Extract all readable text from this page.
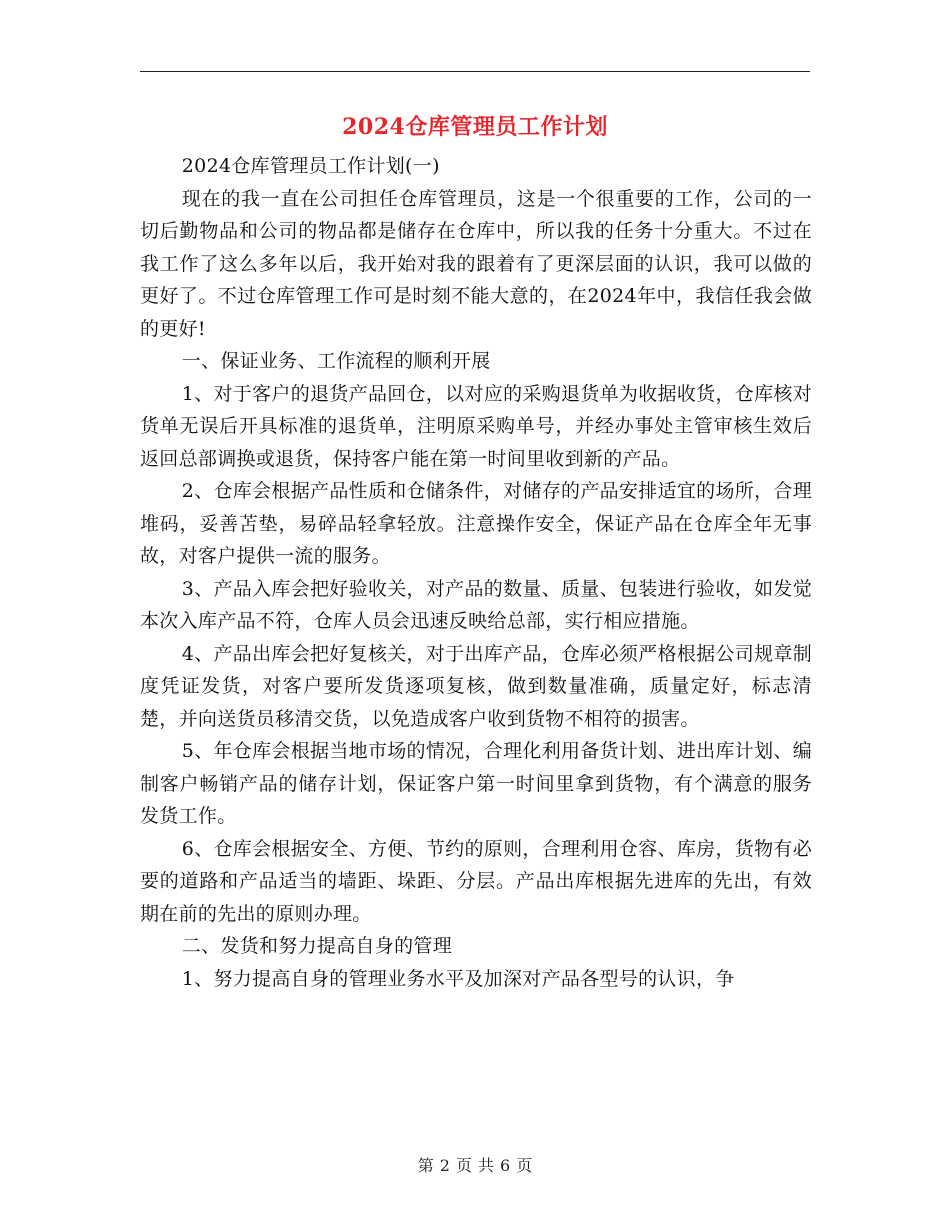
2024仓库管理员工作计划

2024仓库管理员工作计划(一)

现在的我一直在公司担任仓库管理员，这是一个很重要的工作，公司的一切后勤物品和公司的物品都是储存在仓库中，所以我的任务十分重大。不过在我工作了这么多年以后，我开始对我的跟着有了更深层面的认识，我可以做的更好了。不过仓库管理工作可是时刻不能大意的，在2024年中，我信任我会做的更好!

一、保证业务、工作流程的顺利开展

1、对于客户的退货产品回仓，以对应的采购退货单为收据收货，仓库核对货单无误后开具标准的退货单，注明原采购单号，并经办事处主管审核生效后返回总部调换或退货，保持客户能在第一时间里收到新的产品。

2、仓库会根据产品性质和仓储条件，对储存的产品安排适宜的场所，合理堆码，妥善苫垫，易碎品轻拿轻放。注意操作安全，保证产品在仓库全年无事故，对客户提供一流的服务。

3、产品入库会把好验收关，对产品的数量、质量、包装进行验收，如发觉本次入库产品不符，仓库人员会迅速反映给总部，实行相应措施。

4、产品出库会把好复核关，对于出库产品，仓库必须严格根据公司规章制度凭证发货，对客户要所发货逐项复核，做到数量准确，质量定好，标志清楚，并向送货员移清交货，以免造成客户收到货物不相符的损害。

5、年仓库会根据当地市场的情况，合理化利用备货计划、进出库计划、编制客户畅销产品的储存计划，保证客户第一时间里拿到货物，有个满意的服务发货工作。

6、仓库会根据安全、方便、节约的原则，合理利用仓容、库房，货物有必要的道路和产品适当的墙距、垛距、分层。产品出库根据先进库的先出，有效期在前的先出的原则办理。

二、发货和努力提高自身的管理

1、努力提高自身的管理业务水平及加深对产品各型号的认识，争

第 2 页 共 6 页
